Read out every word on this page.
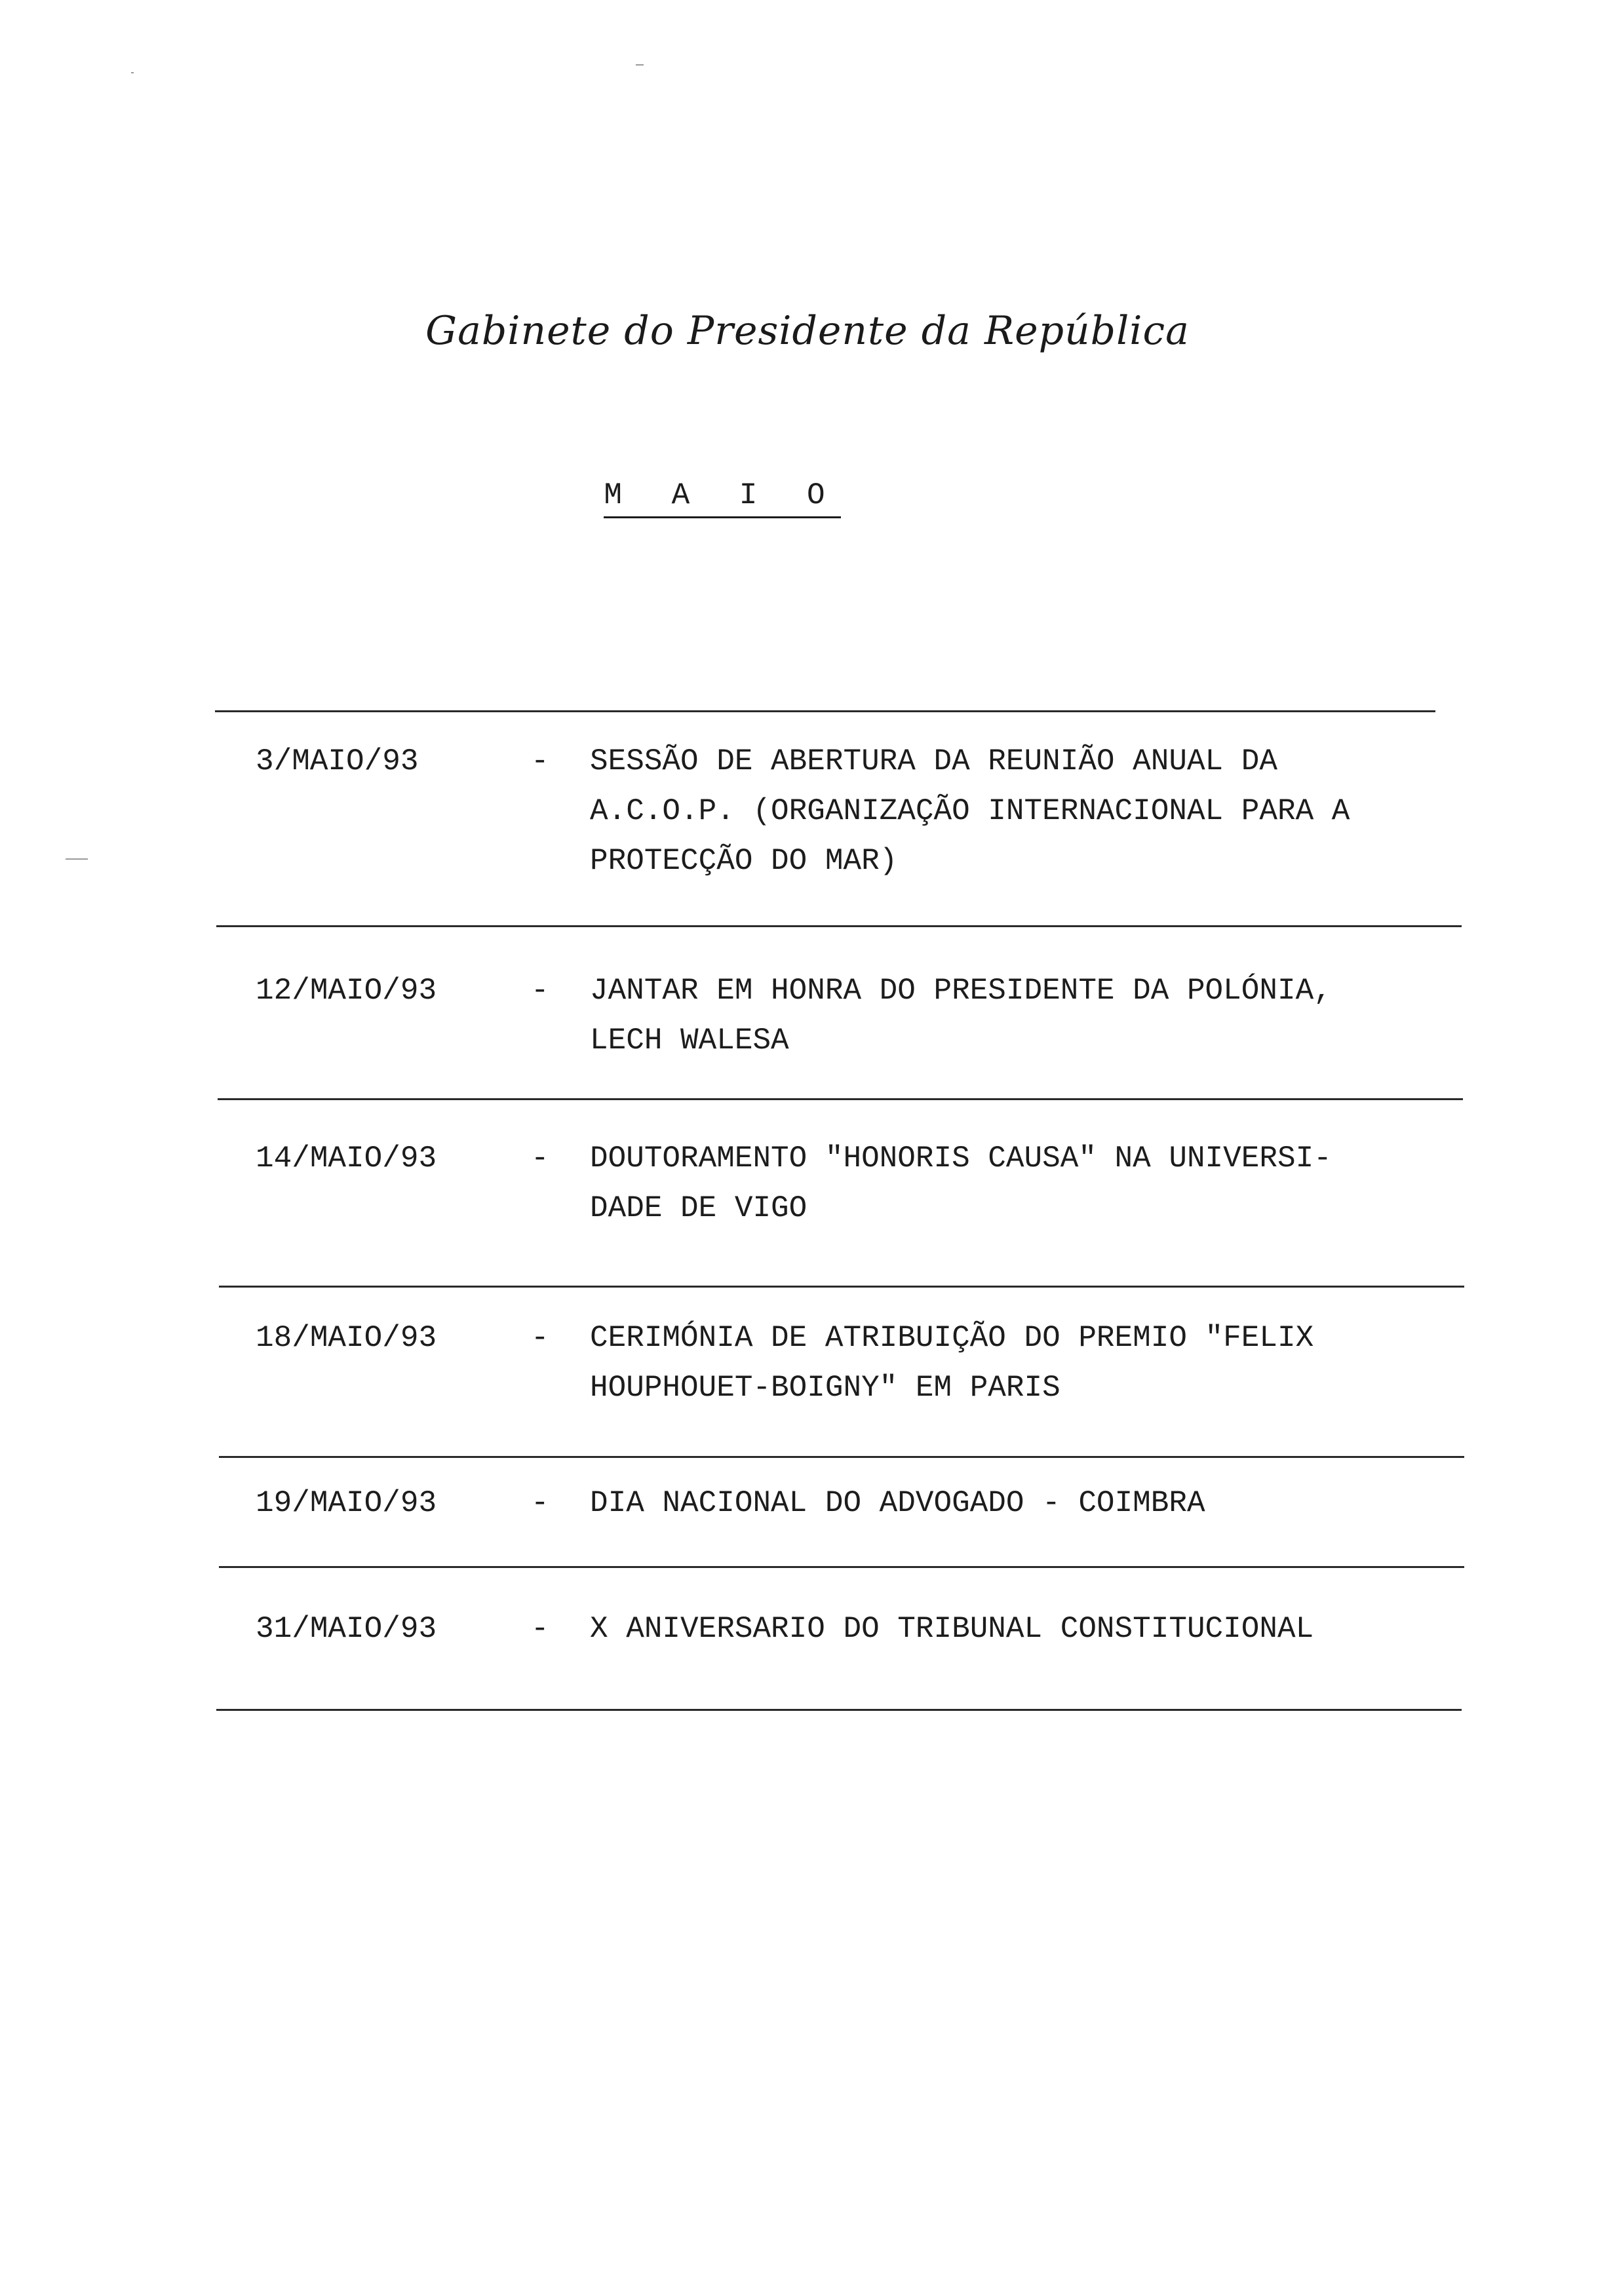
Gabinete do Presidente da República
M A I O
3/MAIO/93	- SESSÃO DE ABERTURA DA REUNIÃO ANUAL DA
A.C.O.P. (ORGANIZAÇÃO INTERNACIONAL PARA A
PROTECÇÃO DO MAR)
12/MAIO/93	- JANTAR EM HONRA DO PRESIDENTE DA POLÓNIA,
LECH WALESA
14/MAIO/93	- DOUTORAMENTO "HONORIS CAUSA" NA UNIVERSI-
DADE DE VIGO
18/MAIO/93	- CERIMÓNIA DE ATRIBUIÇÃO DO PREMIO "FELIX
HOUPHOUET-BOIGNY" EM PARIS
19/MAIO/93	- DIA NACIONAL DO ADVOGADO - COIMBRA
31/MAIO/93	- X ANIVERSARIO DO TRIBUNAL CONSTITUCIONAL
